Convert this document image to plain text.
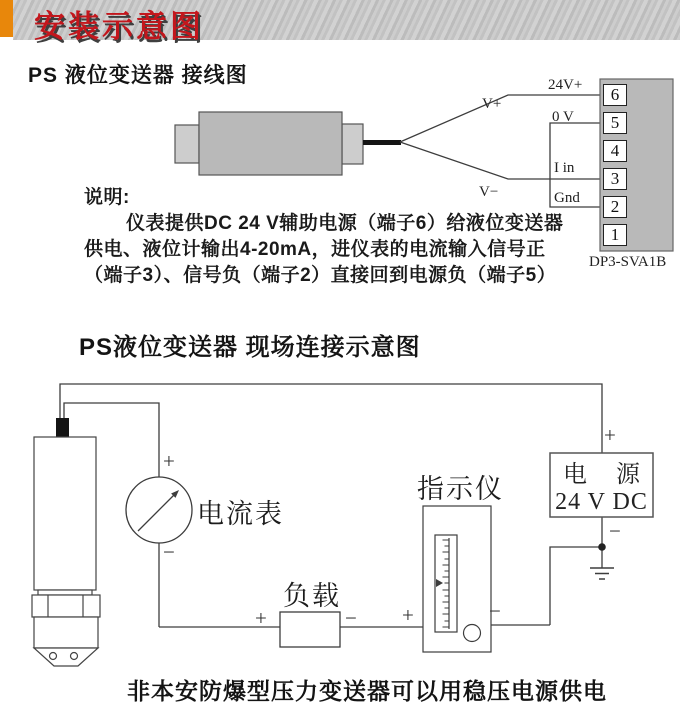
安装示意图
PS 液位变送器 接线图
V+
V−
24V+
0 V
I in
Gnd
6
5
4
3
2
1
DP3-SVA1B
说明:
仪表提供DC 24 V辅助电源（端子6）给液位变送器
供电、液位计输出4-20mA，进仪表的电流输入信号正
（端子3）、信号负（端子2）直接回到电源负（端子5）
PS液位变送器 现场连接示意图
+
−
电流表
负载
+	−
指示仪
+	−
+
−
电 源
24 V DC
非本安防爆型压力变送器可以用稳压电源供电
